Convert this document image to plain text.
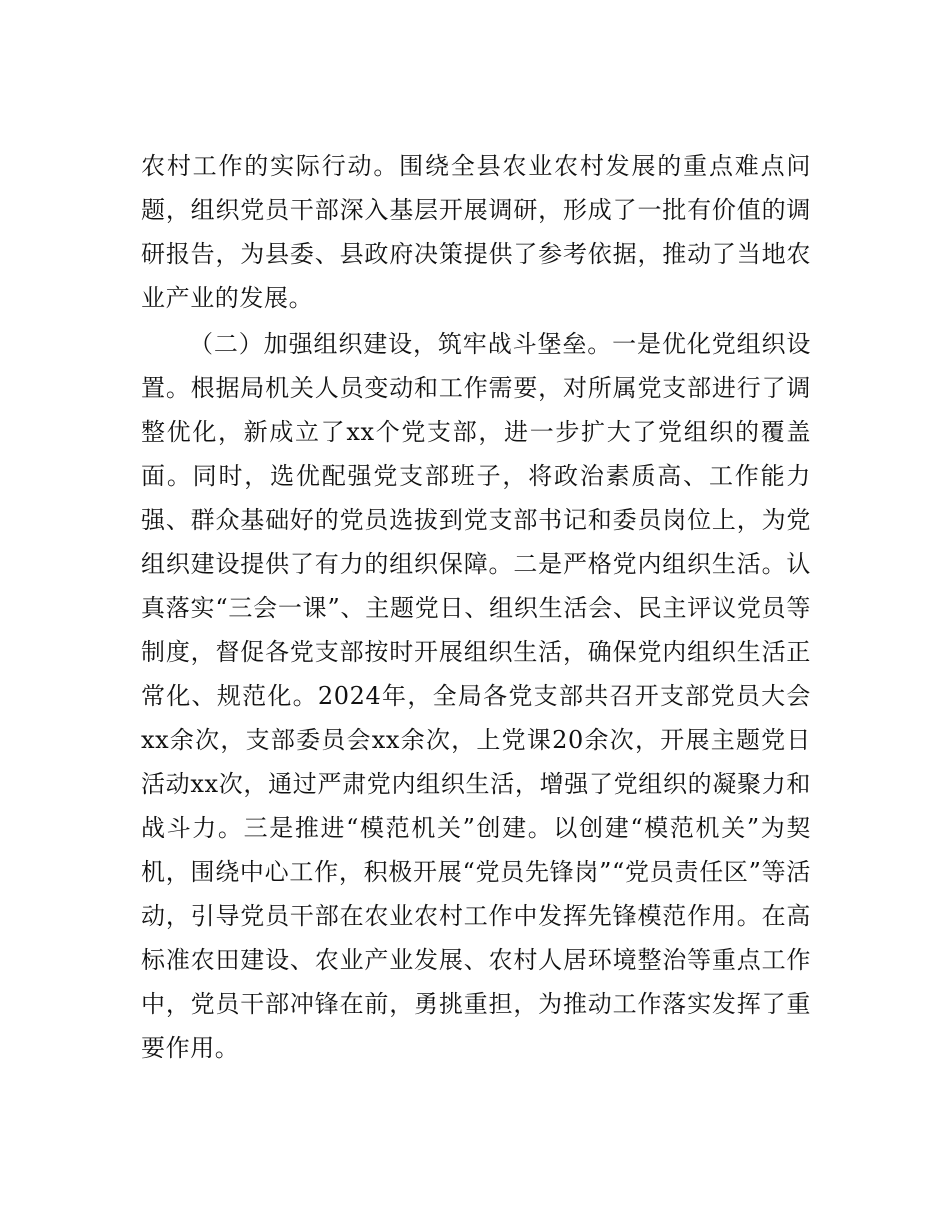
农村工作的实际行动。围绕全县农业农村发展的重点难点问题，组织党员干部深入基层开展调研，形成了一批有价值的调研报告，为县委、县政府决策提供了参考依据，推动了当地农业产业的发展。

（二）加强组织建设，筑牢战斗堡垒。一是优化党组织设置。根据局机关人员变动和工作需要，对所属党支部进行了调整优化，新成立了xx个党支部，进一步扩大了党组织的覆盖面。同时，选优配强党支部班子，将政治素质高、工作能力强、群众基础好的党员选拔到党支部书记和委员岗位上，为党组织建设提供了有力的组织保障。二是严格党内组织生活。认真落实“三会一课”、主题党日、组织生活会、民主评议党员等制度，督促各党支部按时开展组织生活，确保党内组织生活正常化、规范化。2024年，全局各党支部共召开支部党员大会xx余次，支部委员会xx余次，上党课20余次，开展主题党日活动xx次，通过严肃党内组织生活，增强了党组织的凝聚力和战斗力。三是推进“模范机关”创建。以创建“模范机关”为契机，围绕中心工作，积极开展“党员先锋岗”“党员责任区”等活动，引导党员干部在农业农村工作中发挥先锋模范作用。在高标准农田建设、农业产业发展、农村人居环境整治等重点工作中，党员干部冲锋在前，勇挑重担，为推动工作落实发挥了重要作用。
